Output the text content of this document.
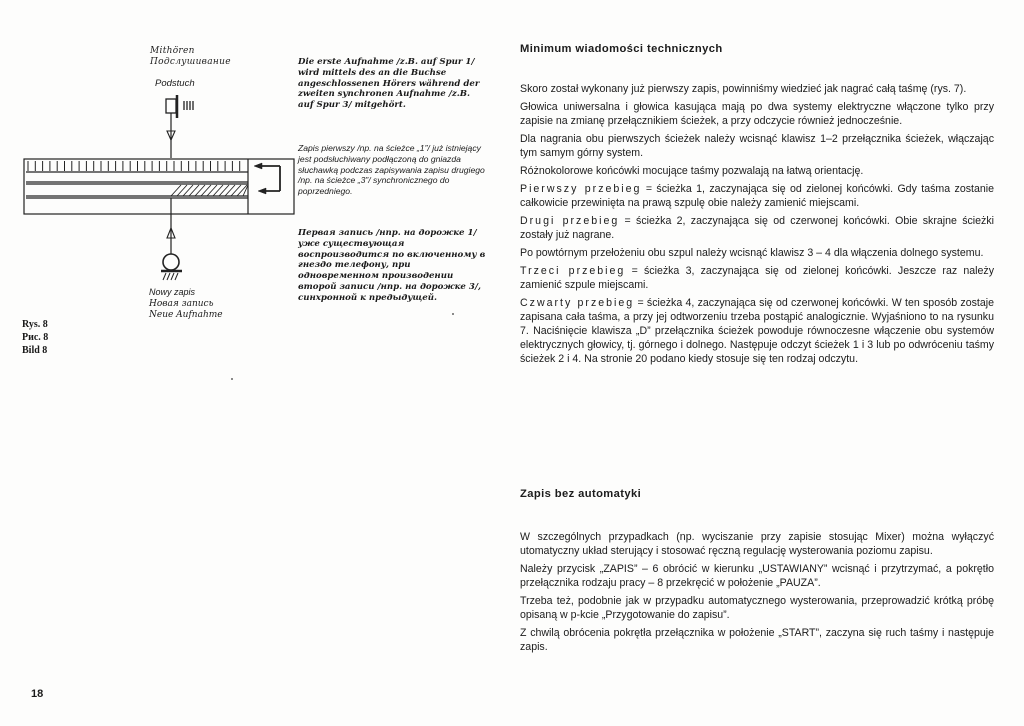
Mithören
Подслушивание
Podstuch
Nowy zapis
Новая запись
Neue Aufnahme
Die erste Aufnahme /z.B. auf Spur 1/ wird mittels des an die Buchse angeschlossenen Hörers während der zweiten synchronen Aufnahme /z.B. auf Spur 3/ mitgehört.
Zapis pierwszy /np. na ścieżce „1”/ już istniejący jest podsłuchiwany podłączoną do gniazda słuchawką podczas zapisywania zapisu drugiego /np. na ścieżce „3”/ synchronicznego do poprzedniego.
Первая запись /нпр. на дорожке 1/ уже существующая воспроизводится по включенному в гнездо телефону, при одновременном производении второй записи /нпр. на дорожке 3/, синхронной к предыдущей.
Rys. 8
Рис. 8
Bild 8
18
Minimum wiadomości technicznych

Skoro został wykonany już pierwszy zapis, powinniśmy wiedzieć jak nagrać całą taśmę (rys. 7).

Głowica uniwersalna i głowica kasująca mają po dwa systemy elektryczne włączone tylko przy zapisie na zmianę przełącznikiem ścieżek, a przy odczycie również jednocześnie.

Dla nagrania obu pierwszych ścieżek należy wcisnąć klawisz 1–2 przełącznika ścieżek, włączając tym samym górny system.

Różnokolorowe końcówki mocujące taśmy pozwalają na łatwą orientację.

Pierwszy przebieg = ścieżka 1, zaczynająca się od zielonej końcówki. Gdy taśma zostanie całkowicie przewinięta na prawą szpulę obie należy zamienić miejscami.

Drugi przebieg = ścieżka 2, zaczynająca się od czerwonej końcówki. Obie skrajne ścieżki zostały już nagrane.

Po powtórnym przełożeniu obu szpul należy wcisnąć klawisz 3 – 4 dla włączenia dolnego systemu.

Trzeci przebieg = ścieżka 3, zaczynająca się od zielonej końcówki. Jeszcze raz należy zamienić szpule miejscami.

Czwarty przebieg = ścieżka 4, zaczynająca się od czerwonej końcówki. W ten sposób zostaje zapisana cała taśma, a przy jej odtworzeniu trzeba postąpić analogicznie. Wyjaśniono to na rysunku 7. Naciśnięcie klawisza „D” przełącznika ścieżek powoduje równoczesne włączenie obu systemów elektrycznych głowicy, tj. górnego i dolnego. Następuje odczyt ścieżek 1 i 3 lub po odwróceniu taśmy ścieżek 2 i 4. Na stronie 20 podano kiedy stosuje się ten rodzaj odczytu.

Zapis bez automatyki

W szczególnych przypadkach (np. wyciszanie przy zapisie stosując Mixer) można wyłączyć utomatyczny układ sterujący i stosować ręczną regulację wysterowania poziomu zapisu.

Należy przycisk „ZAPIS” – 6 obrócić w kierunku „USTAWIANY” wcisnąć i przytrzymać, a pokrętło przełącznika rodzaju pracy – 8 przekręcić w położenie „PAUZA”.

Trzeba też, podobnie jak w przypadku automatycznego wysterowania, przeprowadzić krótką próbę opisaną w p-kcie „Przygotowanie do zapisu”.

Z chwilą obrócenia pokrętła przełącznika w położenie „START”, zaczyna się ruch taśmy i następuje zapis.
